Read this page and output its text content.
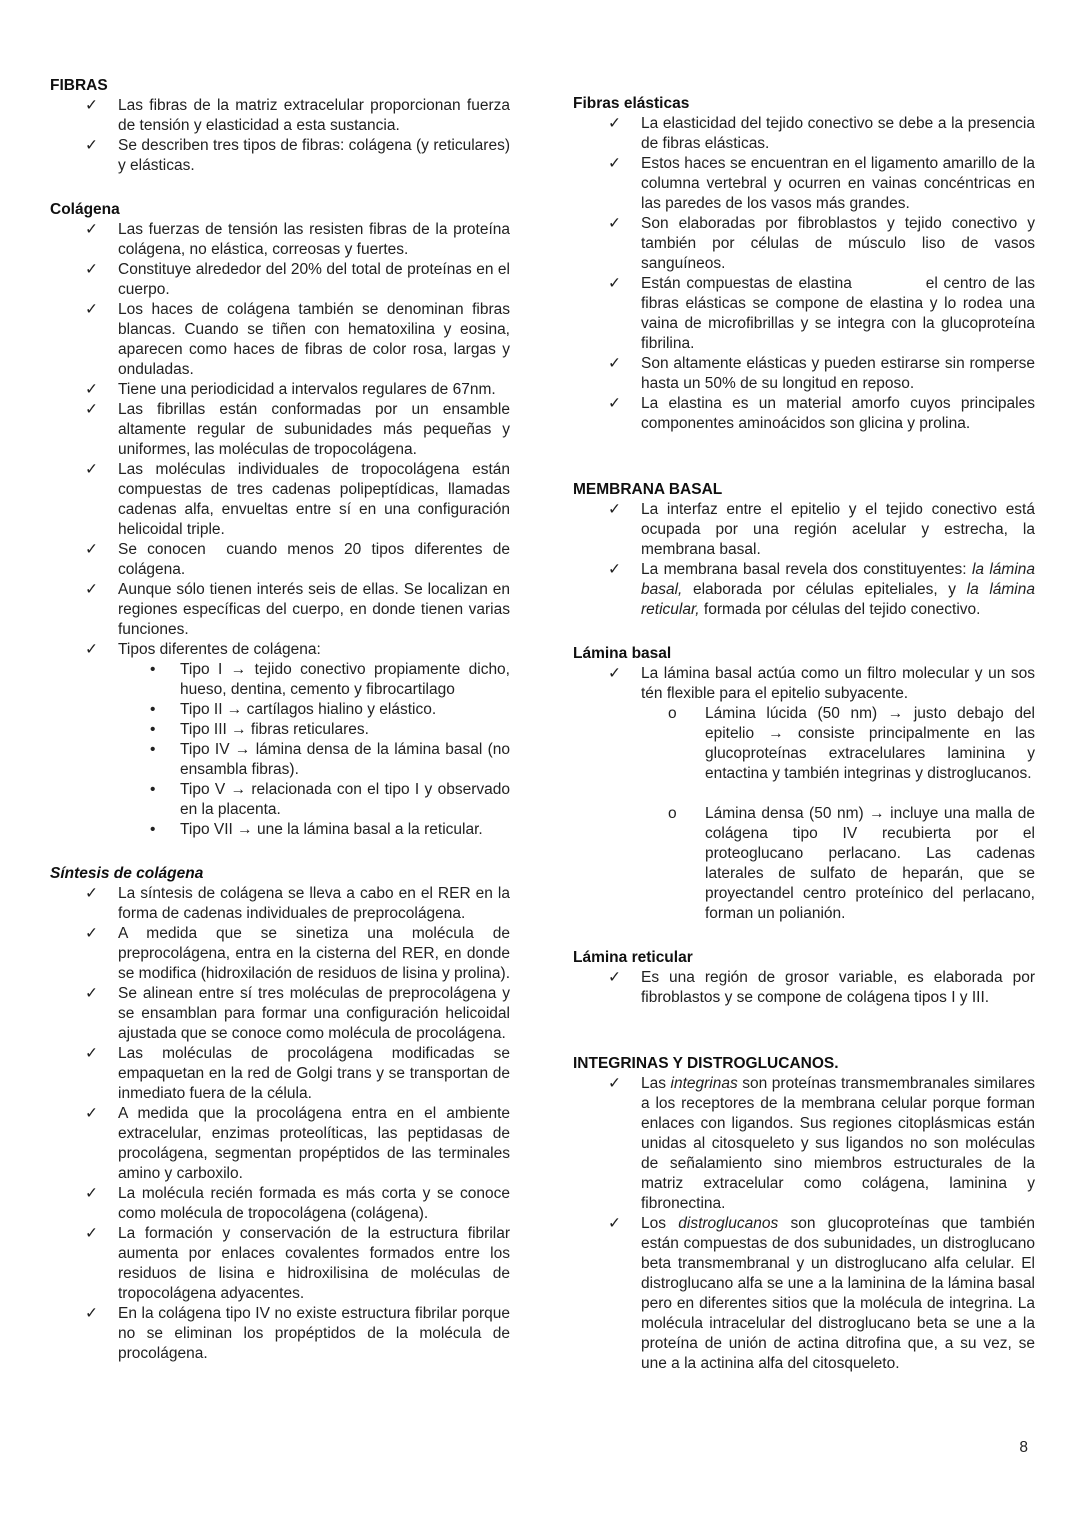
FIBRAS
✓	Las fibras de la matriz extracelular proporcionan fuerza de tensión y elasticidad a esta sustancia.

✓	Se describen tres tipos de fibras: colágena (y reticulares) y elásticas.

Colágena
✓	Las fuerzas de tensión las resisten fibras de la proteína colágena, no elástica, correosas y fuertes.

✓	Constituye alrededor del 20% del total de proteínas en el cuerpo.

✓	Los haces de colágena también se denominan fibras blancas. Cuando se tiñen con hematoxilina y eosina, aparecen como haces de fibras de color rosa, largas y onduladas.

✓	Tiene una periodicidad a intervalos regulares de 67nm.

✓	Las fibrillas están conformadas por un ensamble altamente regular de subunidades más pequeñas y uniformes, las moléculas de tropocolágena.

✓	Las moléculas individuales de tropocolágena están compuestas de tres cadenas polipeptídicas, llamadas cadenas alfa, envueltas entre sí en una configuración helicoidal triple.

✓	Se conocen  cuando menos 20 tipos diferentes de colágena.

✓	Aunque sólo tienen interés seis de ellas. Se localizan en regiones específicas del cuerpo, en donde tienen varias funciones.

✓	Tipos diferentes de colágena:

•	Tipo I → tejido conectivo propiamente dicho, hueso, dentina, cemento y fibrocartilago

•	Tipo II → cartílagos hialino y elástico.

•	Tipo III → fibras reticulares.

•	Tipo IV → lámina densa de la lámina basal (no ensambla fibras).

•	Tipo V → relacionada con el tipo I y observado en la placenta.

•	Tipo VII → une la lámina basal a la reticular.

Síntesis de colágena
✓	La síntesis de colágena se lleva a cabo en el RER en la forma de cadenas individuales de preprocolágena.

✓	A medida que se sinetiza una molécula de preprocolágena, entra en la cisterna del RER, en donde se modifica (hidroxilación de residuos de lisina y prolina).

✓	Se alinean entre sí tres moléculas de preprocolágena y se ensamblan para formar una configuración helicoidal ajustada que se conoce como molécula de procolágena.

✓	Las moléculas de procolágena modificadas se empaquetan en la red de Golgi trans y se transportan de inmediato fuera de la célula.

✓	A medida que la procolágena entra en el ambiente extracelular, enzimas proteolíticas, las peptidasas de procolágena, segmentan propéptidos de las terminales amino y carboxilo.

✓	La molécula recién formada es más corta y se conoce como molécula de tropocolágena (colágena).

✓	La formación y conservación de la estructura fibrilar aumenta por enlaces covalentes formados entre los residuos de lisina e hidroxilisina de moléculas de tropocolágena adyacentes.

✓	En la colágena tipo IV no existe estructura fibrilar porque no se eliminan los propéptidos de la molécula de procolágena.

Fibras elásticas
✓	La elasticidad del tejido conectivo se debe a la presencia de fibras elásticas.

✓	Estos haces se encuentran en el ligamento amarillo de la columna vertebral y ocurren en vainas concéntricas en las paredes de los vasos más grandes.

✓	Son elaboradas por fibroblastos y tejido conectivo y también por células de músculo liso de vasos sanguíneos.

✓	Están compuestas de elastina             el centro de las fibras elásticas se compone de elastina y lo rodea una vaina de microfibrillas y se integra con la glucoproteína fibrilina.

✓	Son altamente elásticas y pueden estirarse sin romperse hasta un 50% de su longitud en reposo.

✓	La elastina es un material amorfo cuyos principales componentes aminoácidos son glicina y prolina.

MEMBRANA BASAL
✓	La interfaz entre el epitelio y el tejido conectivo está ocupada por una región acelular y estrecha, la membrana basal.

✓	La membrana basal revela dos constituyentes: la lámina basal, elaborada por células epiteliales, y la lámina reticular, formada por células del tejido conectivo.

Lámina basal
✓	La lámina basal actúa como un filtro molecular y un sos tén flexible para el epitelio subyacente.

o	Lámina lúcida (50 nm) → justo debajo del epitelio → consiste principalmente en las glucoproteínas extracelulares laminina y entactina y también integrinas y distroglucanos.

o	Lámina densa (50 nm) → incluye una malla de colágena tipo IV recubierta por el proteoglucano perlacano. Las cadenas laterales de sulfato de heparán, que se proyectandel centro proteínico del perlacano, forman un polianión.

Lámina reticular
✓	Es una región de grosor variable, es elaborada por fibroblastos y se compone de colágena tipos I y III.

INTEGRINAS Y DISTROGLUCANOS.
✓	Las integrinas son proteínas transmembranales similares a los receptores de la membrana celular porque forman enlaces con ligandos. Sus regiones citoplásmicas están unidas al citosqueleto y sus ligandos no son moléculas de señalamiento sino miembros estructurales de la matriz extracelular como colágena, laminina y fibronectina.

✓	Los distroglucanos son glucoproteínas que también están compuestas de dos subunidades, un distroglucano beta transmembranal y un distroglucano alfa celular. El distroglucano alfa se une a la laminina de la lámina basal pero en diferentes sitios que la molécula de integrina. La molécula intracelular del distroglucano beta se une a la proteína de unión de actina ditrofina que, a su vez, se une a la actinina alfa del citosqueleto.

8
